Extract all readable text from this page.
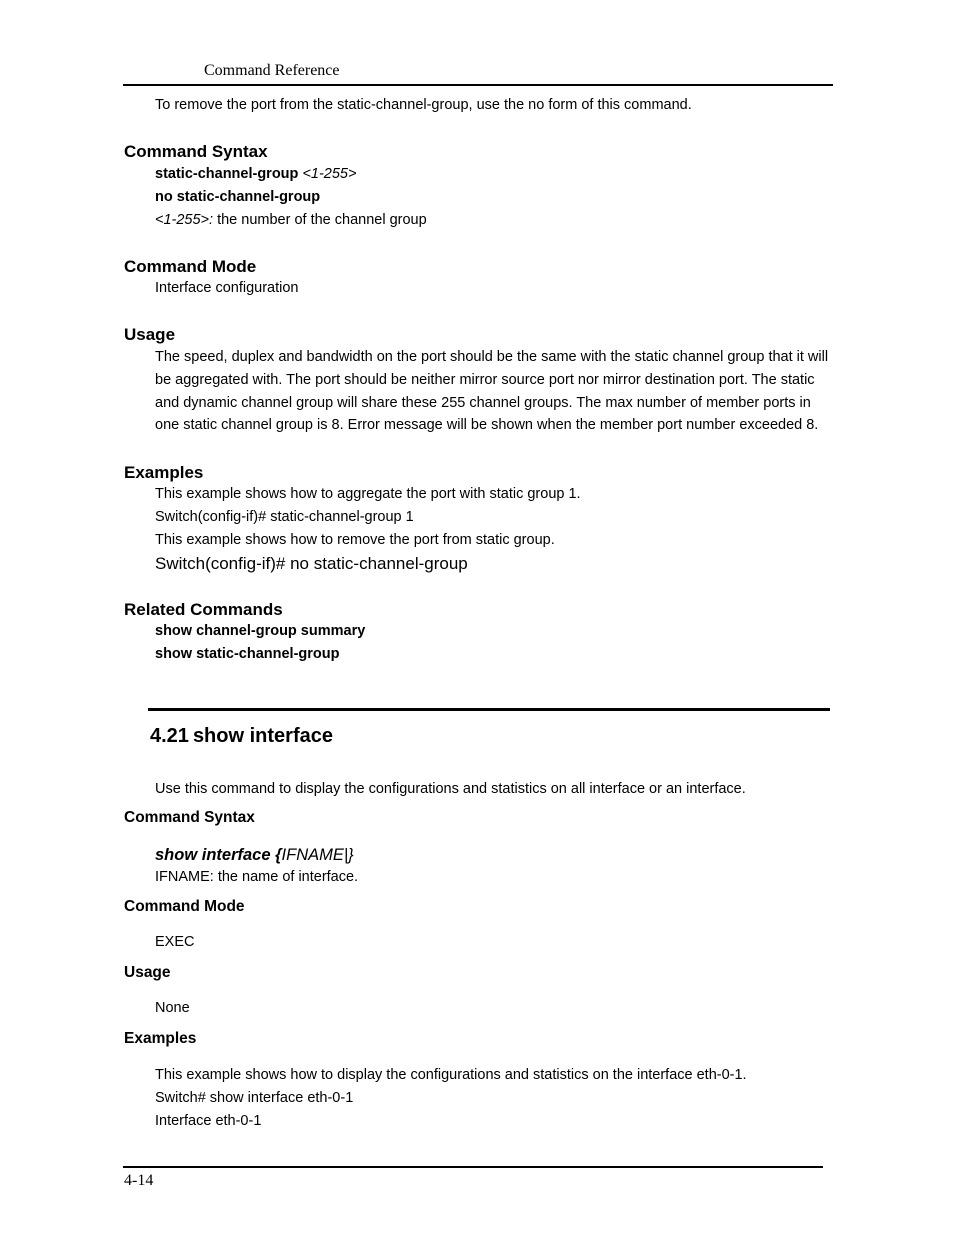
Command Reference
To remove the port from the static-channel-group, use the no form of this command.
Command Syntax
static-channel-group <1-255>
no static-channel-group
<1-255>: the number of the channel group
Command Mode
Interface configuration
Usage
The speed, duplex and bandwidth on the port should be the same with the static channel group that it will
be aggregated with. The port should be neither mirror source port nor mirror destination port. The static
and dynamic channel group will share these 255 channel groups. The max number of member ports in
one static channel group is 8. Error message will be shown when the member port number exceeded 8.
Examples
This example shows how to aggregate the port with static group 1.
Switch(config-if)# static-channel-group 1
This example shows how to remove the port from static group.
Switch(config-if)# no static-channel-group
Related Commands
show channel-group summary
show static-channel-group
4.21 show interface
Use this command to display the configurations and statistics on all interface or an interface.
Command Syntax
show interface {IFNAME|}
IFNAME: the name of interface.
Command Mode
EXEC
Usage
None
Examples
This example shows how to display the configurations and statistics on the interface eth-0-1.
Switch# show interface eth-0-1
Interface eth-0-1
4-14
